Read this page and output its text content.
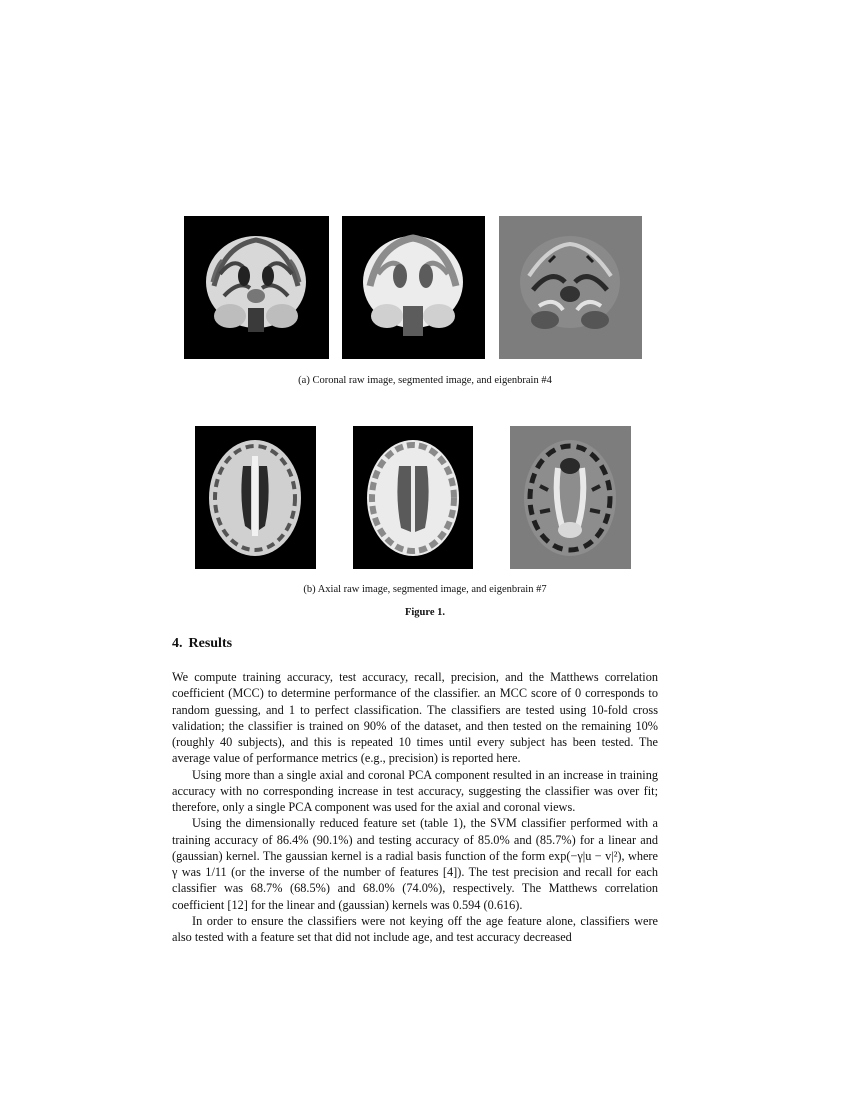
(a) Coronal raw image, segmented image, and eigenbrain #4
(b) Axial raw image, segmented image, and eigenbrain #7
Figure 1.
4. Results

We compute training accuracy, test accuracy, recall, precision, and the Matthews correlation coefficient (MCC) to determine performance of the classifier. an MCC score of 0 corresponds to random guessing, and 1 to perfect classification. The classifiers are tested using 10-fold cross validation; the classifier is trained on 90% of the dataset, and then tested on the remaining 10% (roughly 40 subjects), and this is repeated 10 times until every subject has been tested. The average value of performance metrics (e.g., precision) is reported here.

Using more than a single axial and coronal PCA component resulted in an increase in training accuracy with no corresponding increase in test accuracy, suggesting the classifier was over fit; therefore, only a single PCA component was used for the axial and coronal views.

Using the dimensionally reduced feature set (table 1), the SVM classifier performed with a training accuracy of 86.4% (90.1%) and testing accuracy of 85.0% and (85.7%) for a linear and (gaussian) kernel. The gaussian kernel is a radial basis function of the form exp(−γ|u − v|²), where γ was 1/11 (or the inverse of the number of features [4]). The test precision and recall for each classifier was 68.7% (68.5%) and 68.0% (74.0%), respectively. The Matthews correlation coefficient [12] for the linear and (gaussian) kernels was 0.594 (0.616).

In order to ensure the classifiers were not keying off the age feature alone, classifiers were also tested with a feature set that did not include age, and test accuracy decreased
